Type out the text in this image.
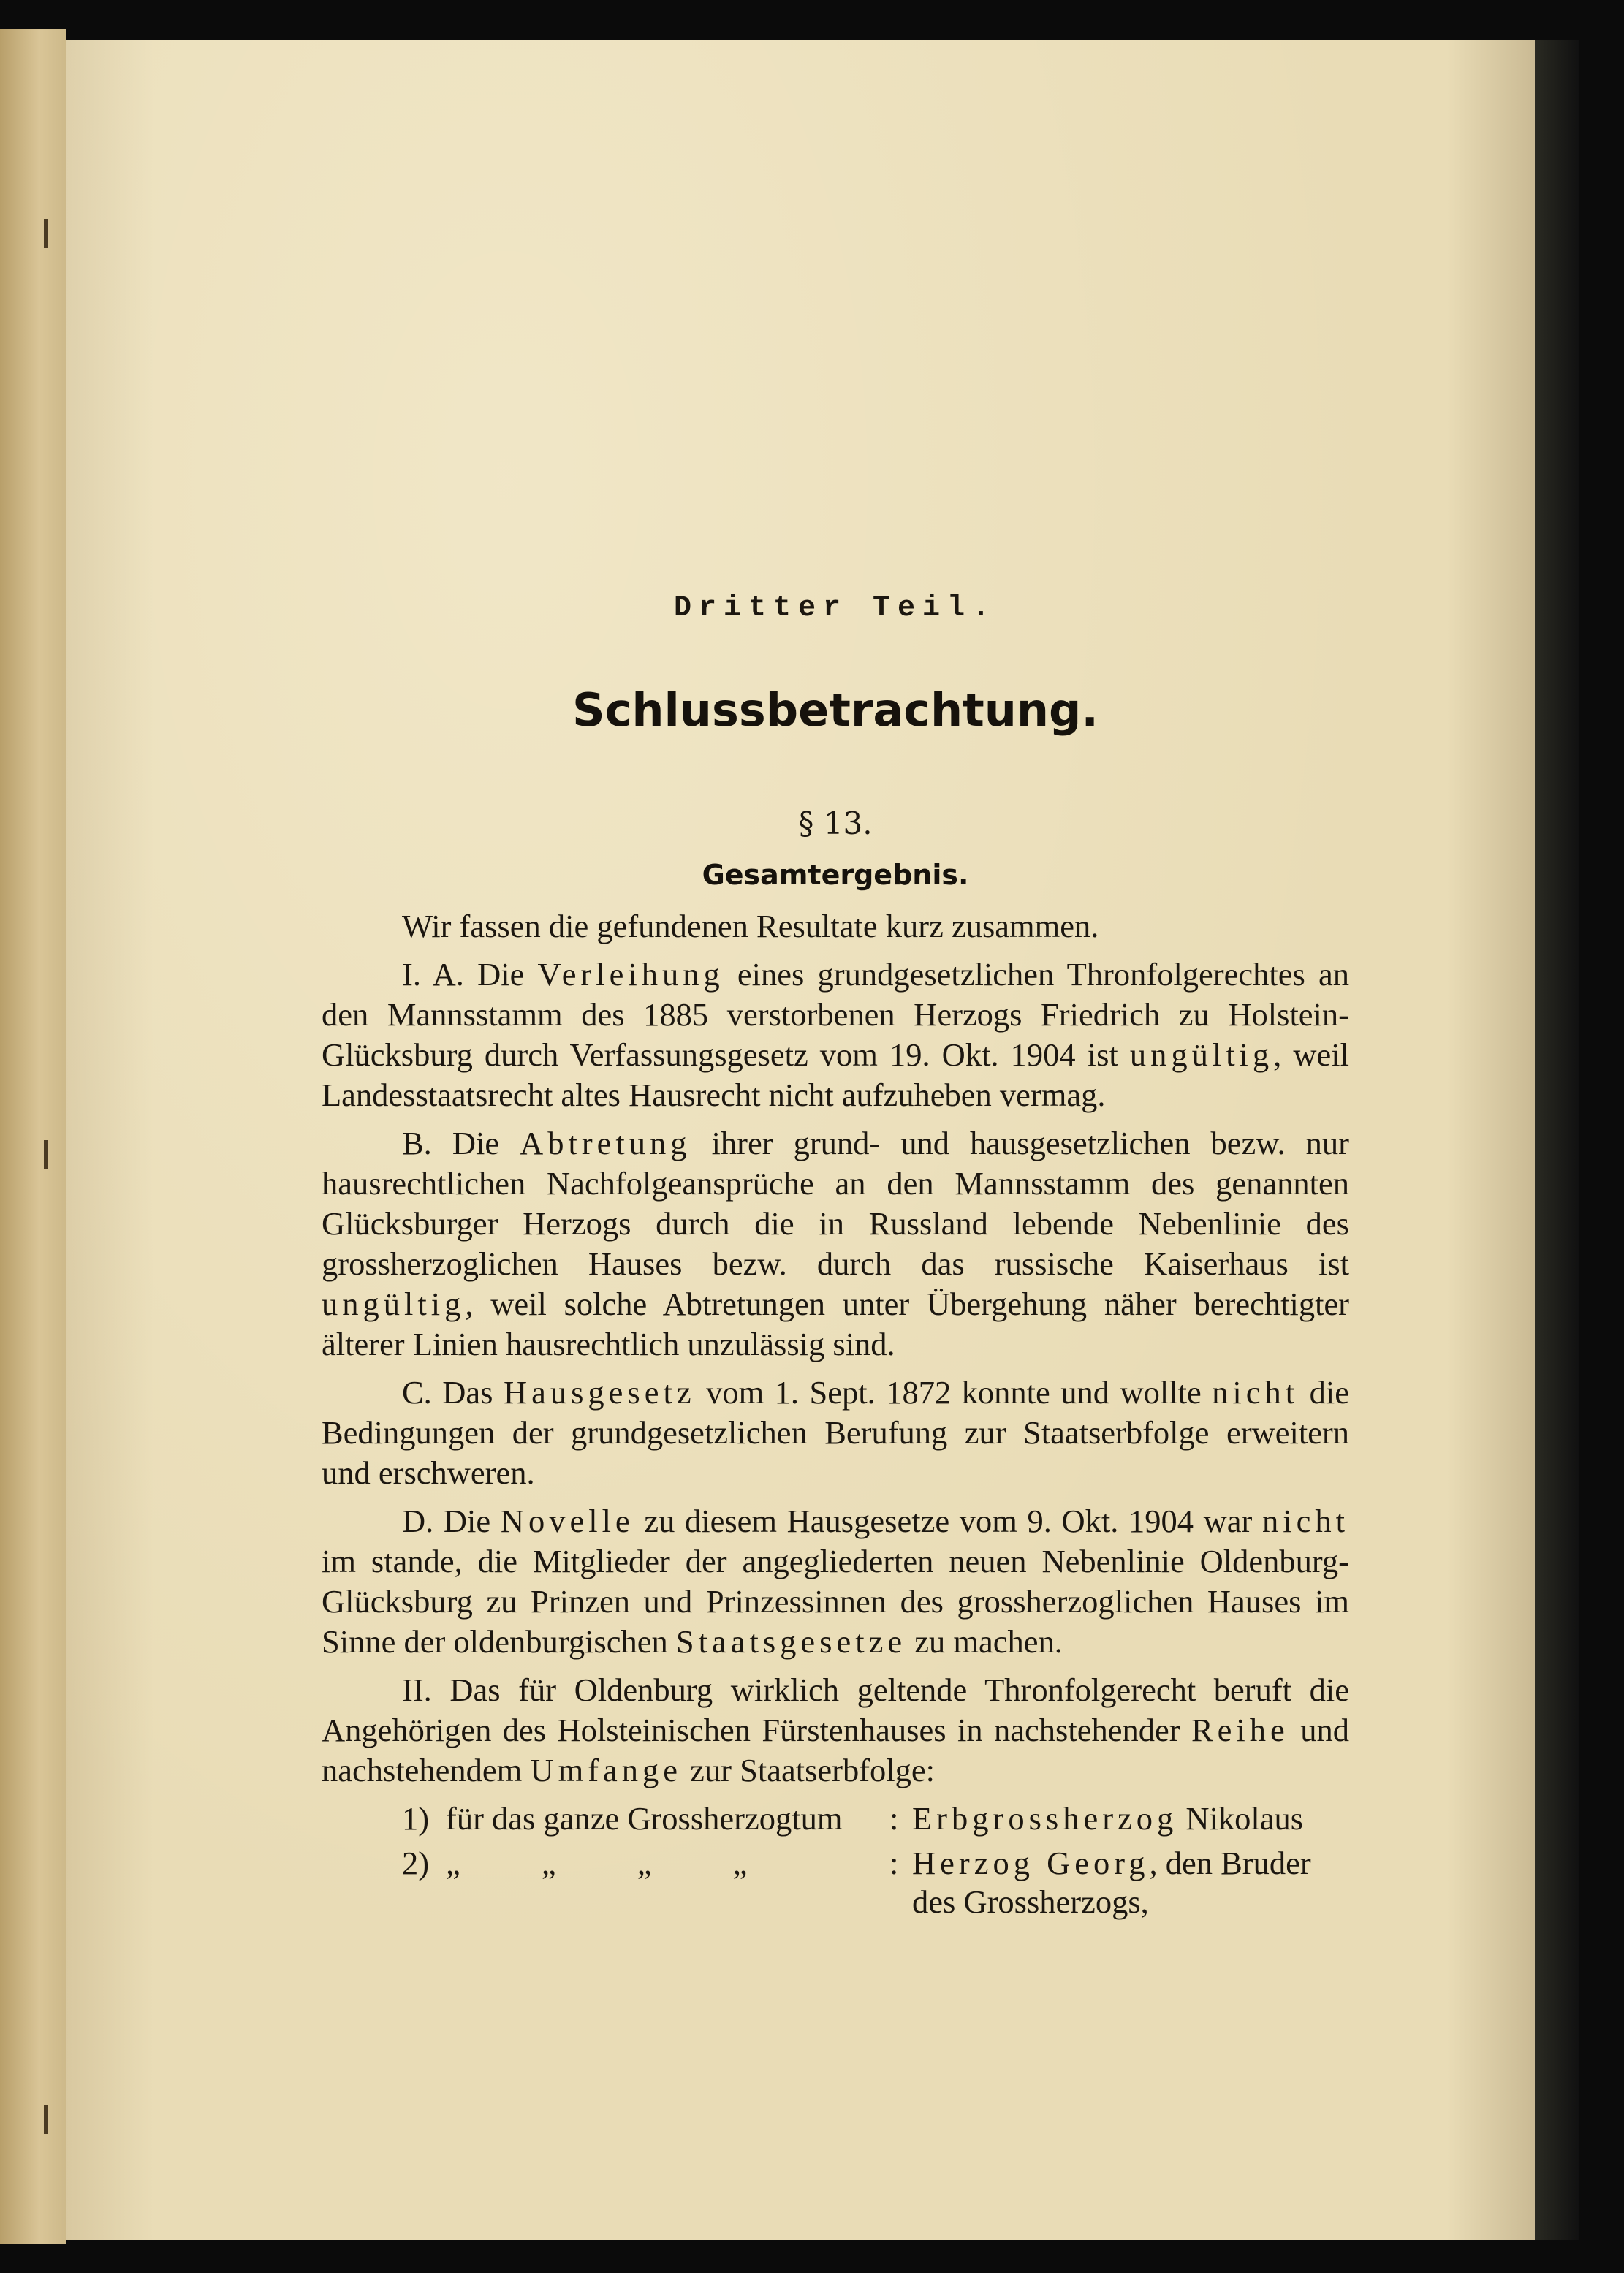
Dritter Teil.
Schlussbetrachtung.
§ 13.
Gesamtergebnis.

Wir fassen die gefundenen Resultate kurz zusammen.

I. A. Die Verleihung eines grundgesetzlichen Thronfolgerechtes an den Mannsstamm des 1885 verstorbenen Herzogs Friedrich zu Holstein-Glücksburg durch Verfassungsgesetz vom 19. Okt. 1904 ist ungültig, weil Landesstaatsrecht altes Hausrecht nicht aufzuheben vermag.

B. Die Abtretung ihrer grund- und hausgesetzlichen bezw. nur hausrechtlichen Nachfolgeansprüche an den Mannsstamm des genannten Glücksburger Herzogs durch die in Russland lebende Nebenlinie des grossherzoglichen Hauses bezw. durch das russische Kaiserhaus ist ungültig, weil solche Abtretungen unter Übergehung näher berechtigter älterer Linien hausrechtlich unzulässig sind.

C. Das Hausgesetz vom 1. Sept. 1872 konnte und wollte nicht die Bedingungen der grundgesetzlichen Berufung zur Staatserbfolge erweitern und erschweren.

D. Die Novelle zu diesem Hausgesetze vom 9. Okt. 1904 war nicht im stande, die Mitglieder der angegliederten neuen Nebenlinie Oldenburg-Glücksburg zu Prinzen und Prinzessinnen des grossherzoglichen Hauses im Sinne der oldenburgischen Staatsgesetze zu machen.

II. Das für Oldenburg wirklich geltende Thronfolgerecht beruft die Angehörigen des Holsteinischen Fürstenhauses in nachstehender Reihe und nachstehendem Umfange zur Staatserbfolge:

1) für das ganze Grossherzogtum : Erbgrossherzog Nikolaus
2) „ „ „ „	: Herzog Georg, den Bruder
des Grossherzogs,
